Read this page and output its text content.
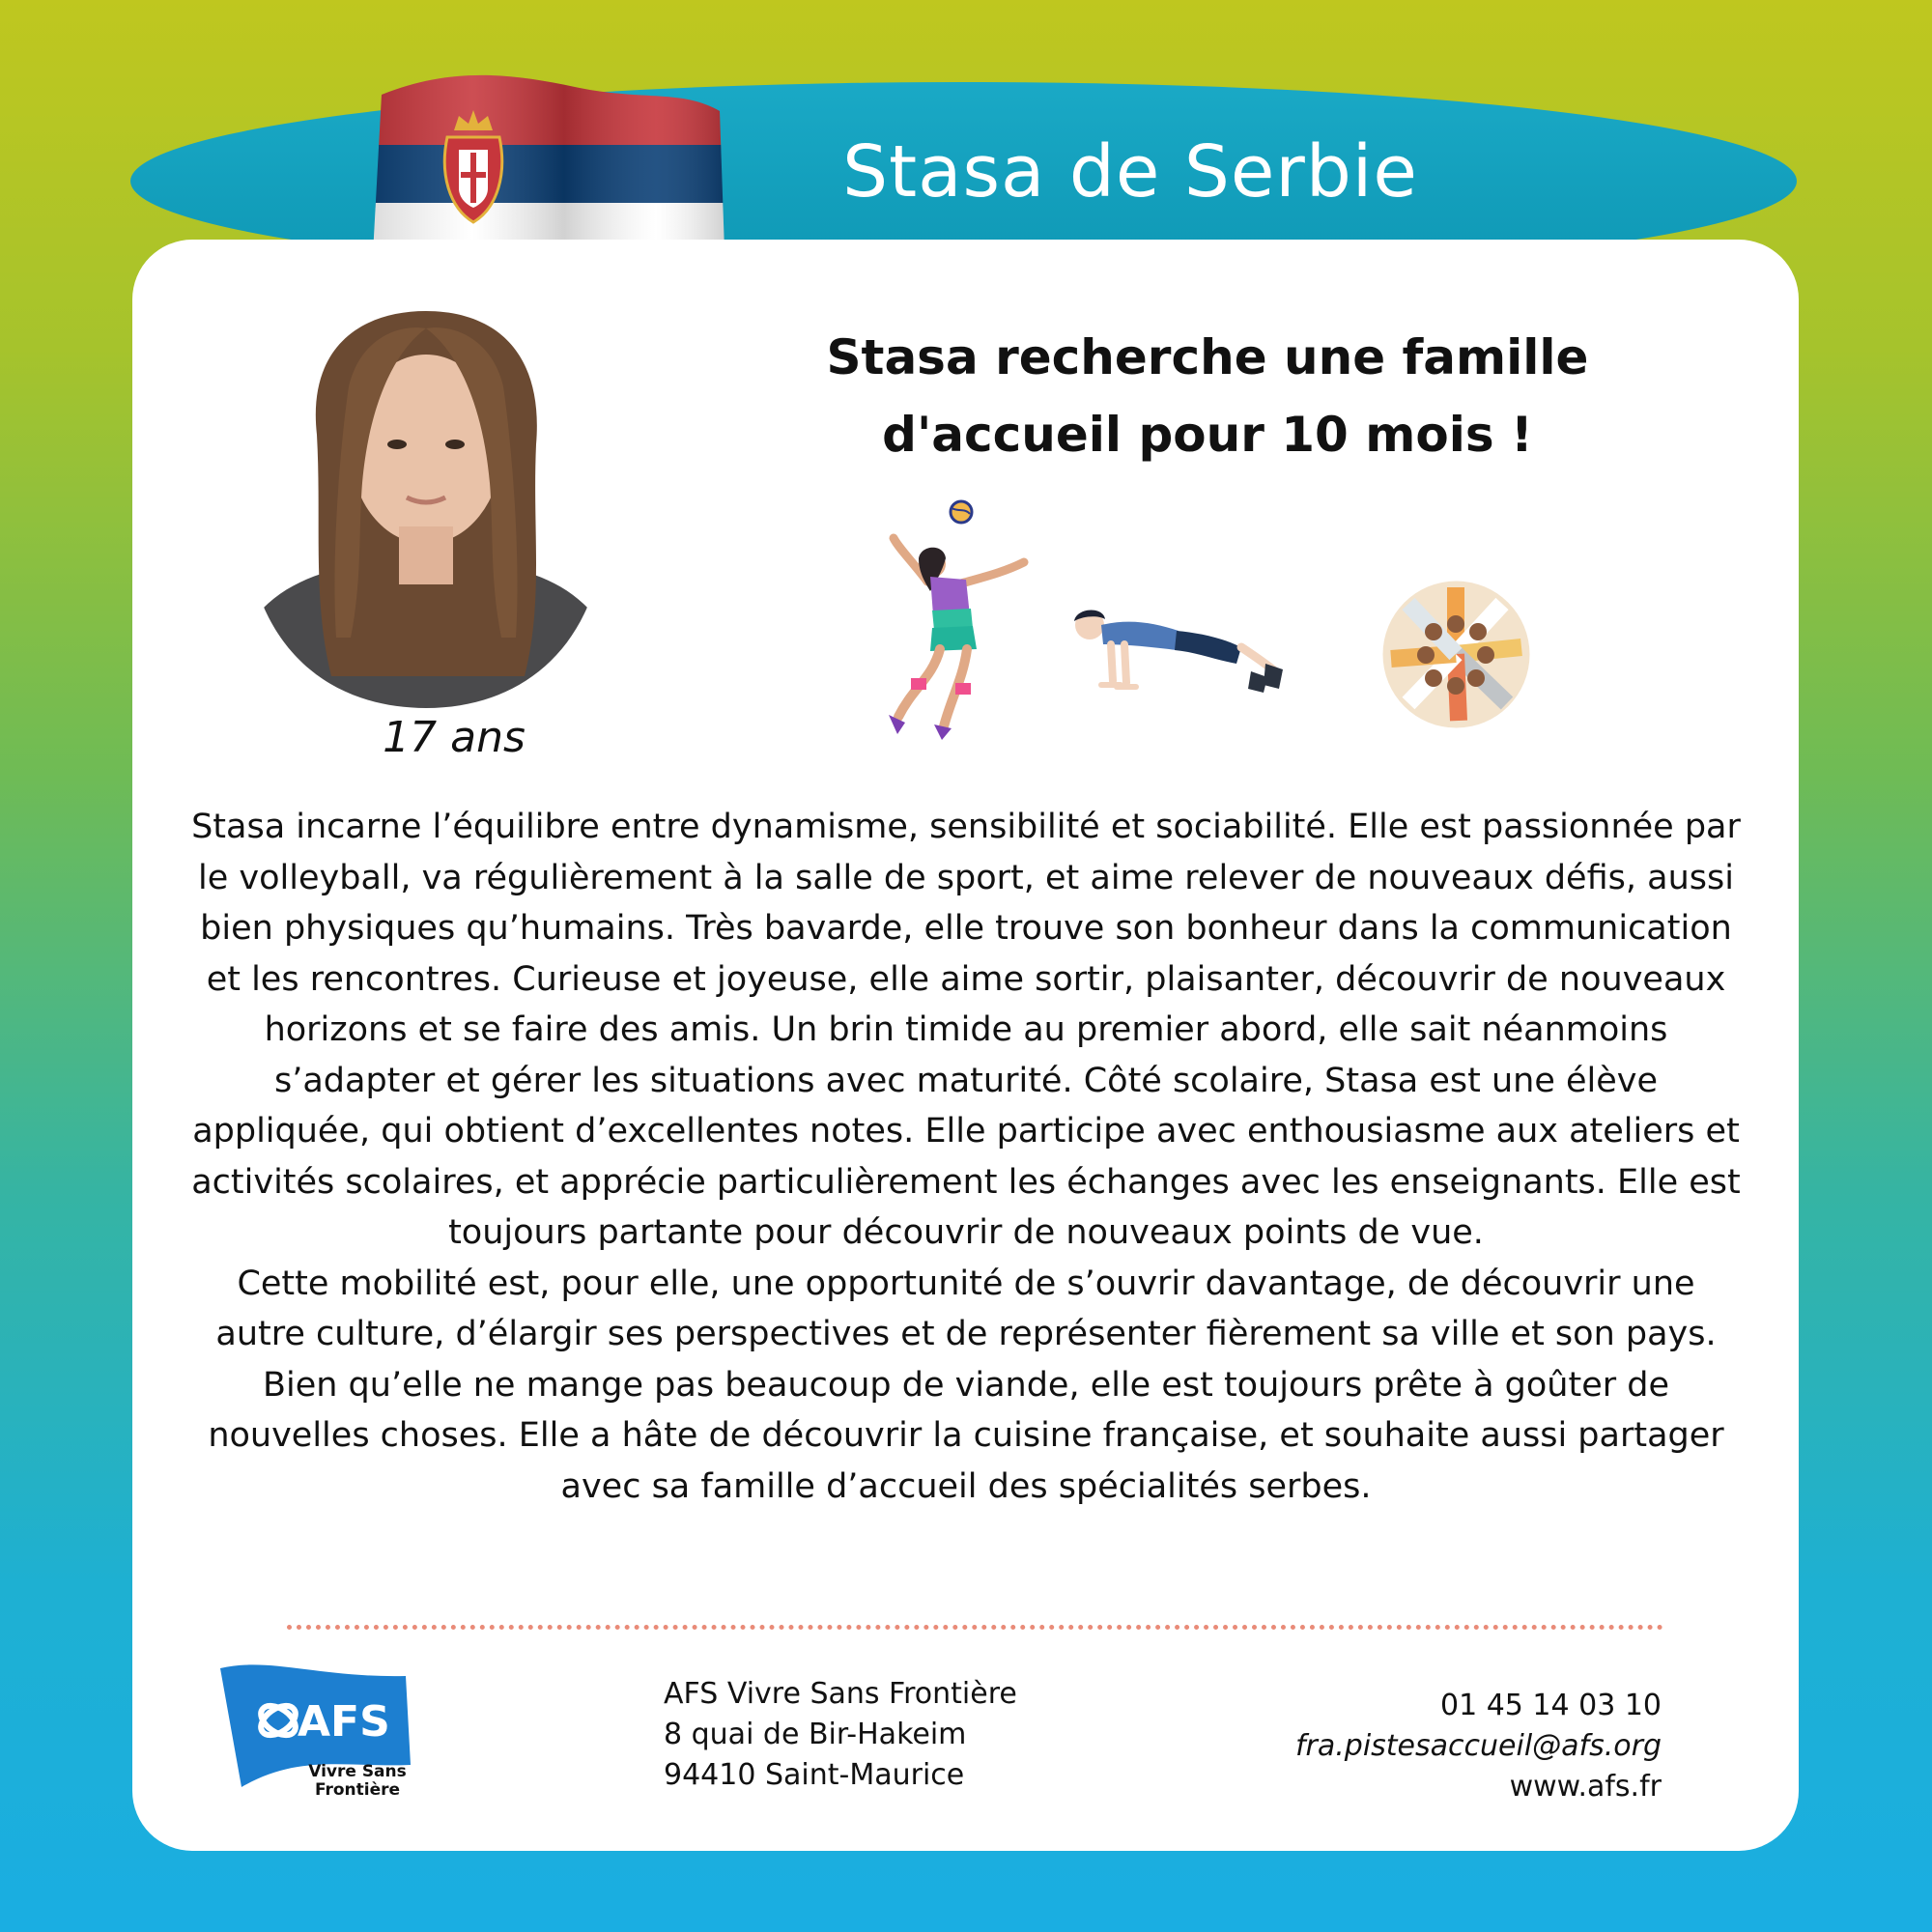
Stasa de Serbie
17 ans
Stasa recherche une famille
d'accueil pour 10 mois !

Stasa incarne l’équilibre entre dynamisme, sensibilité et sociabilité. Elle est passionnée par le volleyball, va régulièrement à la salle de sport, et aime relever de nouveaux défis, aussi bien physiques qu’humains. Très bavarde, elle trouve son bonheur dans la communication et les rencontres. Curieuse et joyeuse, elle aime sortir, plaisanter, découvrir de nouveaux horizons et se faire des amis. Un brin timide au premier abord, elle sait néanmoins s’adapter et gérer les situations avec maturité. Côté scolaire, Stasa est une élève appliquée, qui obtient d’excellentes notes. Elle participe avec enthousiasme aux ateliers et activités scolaires, et apprécie particulièrement les échanges avec les enseignants. Elle est toujours partante pour découvrir de nouveaux points de vue.

Cette mobilité est, pour elle, une opportunité de s’ouvrir davantage, de découvrir une autre culture, d’élargir ses perspectives et de représenter fièrement sa ville et son pays.

Bien qu’elle ne mange pas beaucoup de viande, elle est toujours prête à goûter de nouvelles choses. Elle a hâte de découvrir la cuisine française, et souhaite aussi partager avec sa famille d’accueil des spécialités serbes.

AFS
Vivre Sans Frontière
AFS Vivre Sans Frontière
8 quai de Bir-Hakeim
94410 Saint-Maurice
01 45 14 03 10
fra.pistesaccueil@afs.org
www.afs.fr
